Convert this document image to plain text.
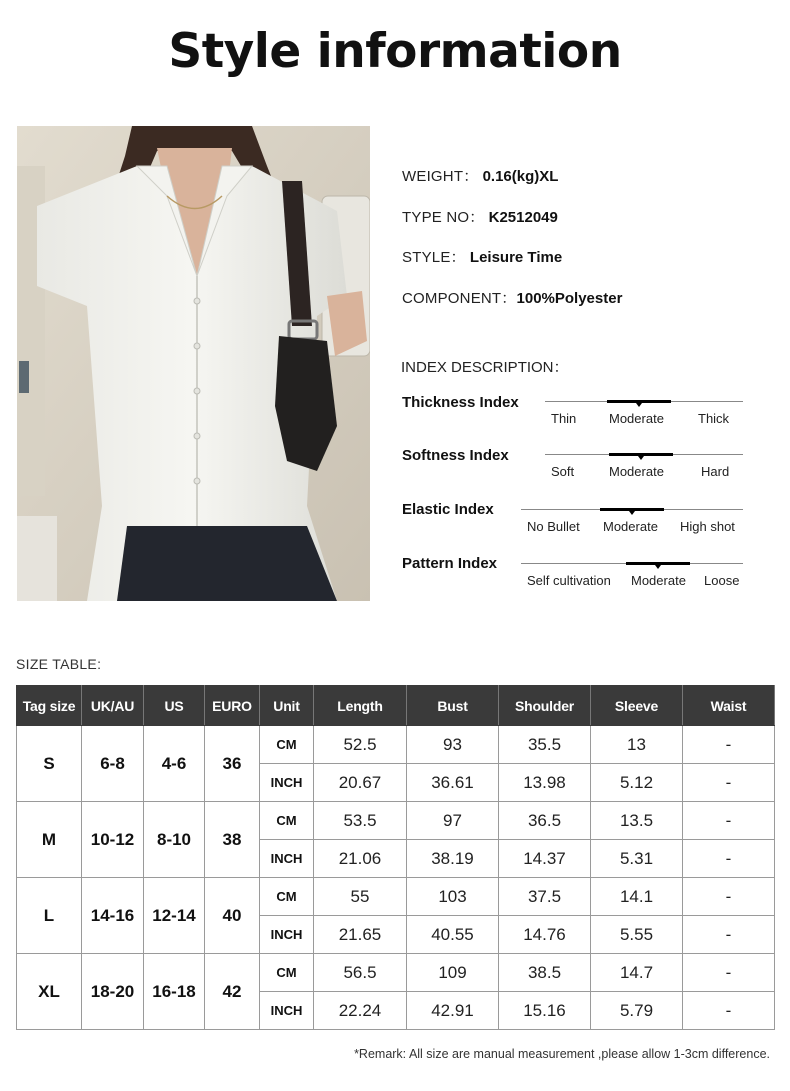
Style information
WEIGHT： 0.16(kg)XL
TYPE NO： K2512049
STYLE： Leisure Time
COMPONENT：100%Polyester
INDEX DESCRIPTION：
Thickness Index
Thin	Moderate	Thick
Softness Index
Soft	Moderate	Hard
Elastic Index
No Bullet Moderate High shot
Pattern Index
Self cultivation Moderate Loose
SIZE TABLE:
Tag size	UK/AU	US	EURO	Unit	Length	Bust	Shoulder	Sleeve	Waist
S	6-8	4-6	36	CM	52.5	93	35.5	13	-
				INCH	20.67	36.61	13.98	5.12	-
M	10-12	8-10	38	CM	53.5	97	36.5	13.5	-
				INCH	21.06	38.19	14.37	5.31	-
L	14-16	12-14	40	CM	55	103	37.5	14.1	-
				INCH	21.65	40.55	14.76	5.55	-
XL	18-20	16-18	42	CM	56.5	109	38.5	14.7	-
				INCH	22.24	42.91	15.16	5.79	-
*Remark: All size are manual measurement ,please allow 1-3cm difference.
